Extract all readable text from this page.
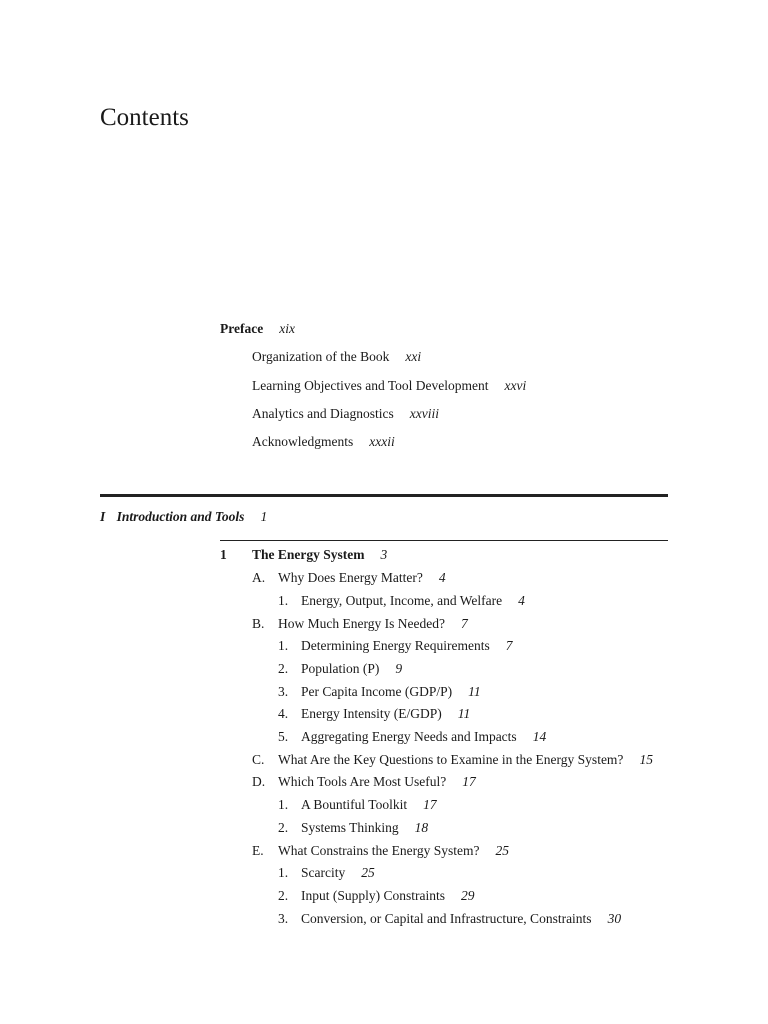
Contents
Preface xix
Organization of the Book xxi
Learning Objectives and Tool Development xxvi
Analytics and Diagnostics xxviii
Acknowledgments xxxii
I Introduction and Tools 1
1 The Energy System 3
A. Why Does Energy Matter? 4
1. Energy, Output, Income, and Welfare 4
B. How Much Energy Is Needed? 7
1. Determining Energy Requirements 7
2. Population (P) 9
3. Per Capita Income (GDP/P) 11
4. Energy Intensity (E/GDP) 11
5. Aggregating Energy Needs and Impacts 14
C. What Are the Key Questions to Examine in the Energy System? 15
D. Which Tools Are Most Useful? 17
1. A Bountiful Toolkit 17
2. Systems Thinking 18
E. What Constrains the Energy System? 25
1. Scarcity 25
2. Input (Supply) Constraints 29
3. Conversion, or Capital and Infrastructure, Constraints 30
